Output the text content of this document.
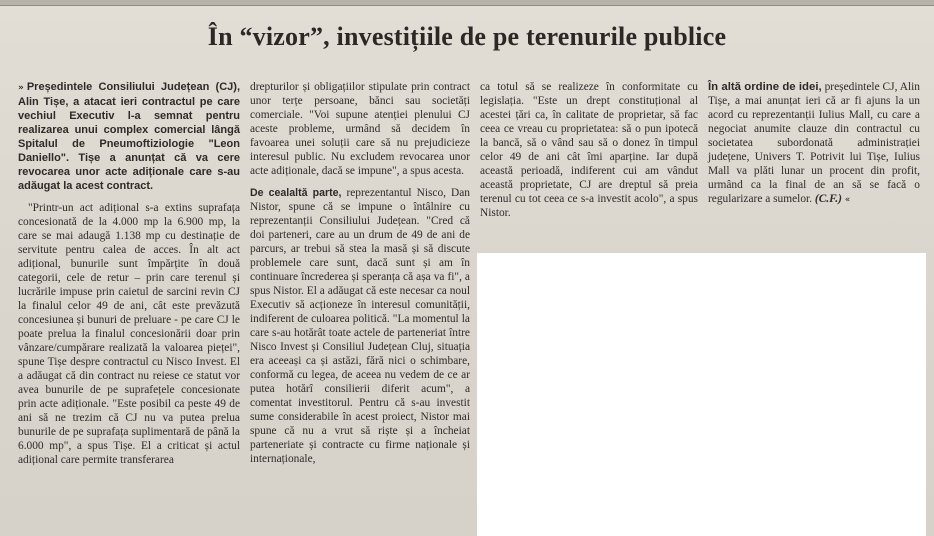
În “vizor”, investițiile de pe terenurile publice

» Președintele Consiliului Județean (CJ), Alin Tișe, a atacat ieri contractul pe care vechiul Executiv l-a semnat pentru realizarea unui complex comercial lângă Spitalul de Pneumoftiziologie "Leon Daniello". Tișe a anunțat că va cere revocarea unor acte adiționale care s-au adăugat la acest contract.

"Printr-un act adițional s-a extins suprafața concesionată de la 4.000 mp la 6.900 mp, la care se mai adaugă 1.138 mp cu destinație de servitute pentru calea de acces. În alt act adițional, bunurile sunt împărțite în două categorii, cele de retur – prin care terenul și lucrările impuse prin caietul de sarcini revin CJ la finalul celor 49 de ani, cât este prevăzută concesiunea și bunuri de preluare - pe care CJ le poate prelua la finalul concesionării doar prin vânzare/cumpărare realizată la valoarea pieței", spune Tișe despre contractul cu Nisco Invest. El a adăugat că din contract nu reiese ce statut vor avea bunurile de pe suprafețele concesionate prin acte adiționale. "Este posibil ca peste 49 de ani să ne trezim că CJ nu va putea prelua bunurile de pe suprafața suplimentară de până la 6.000 mp", a spus Tișe. El a criticat și actul adițional care permite transferarea

drepturilor și obligațiilor stipulate prin contract unor terțe persoane, bănci sau societăți comerciale. "Voi supune atenției plenului CJ aceste probleme, urmând să decidem în favoarea unei soluții care să nu prejudicieze interesul public. Nu excludem revocarea unor acte adiționale, dacă se impune", a spus acesta.

De cealaltă parte, reprezentantul Nisco, Dan Nistor, spune că se impune o întâlnire cu reprezentanții Consiliului Județean. "Cred că doi parteneri, care au un drum de 49 de ani de parcurs, ar trebui să stea la masă și să discute problemele care sunt, dacă sunt și am în continuare încrederea și speranța că așa va fi", a spus Nistor. El a adăugat că este necesar ca noul Executiv să acționeze în interesul comunității, indiferent de culoarea politică. "La momentul la care s-au hotărât toate actele de parteneriat între Nisco Invest și Consiliul Județean Cluj, situația era aceeași ca și astăzi, fără nici o schimbare, conformă cu legea, de aceea nu vedem de ce ar putea hotărî consilierii diferit acum", a comentat investitorul. Pentru că s-au investit sume considerabile în acest proiect, Nistor mai spune că nu a vrut să riște și a încheiat parteneriate și contracte cu firme naționale și internaționale,

ca totul să se realizeze în conformitate cu legislația. "Este un drept constituțional al acestei țări ca, în calitate de proprietar, să fac ceea ce vreau cu proprietatea: să o pun ipotecă la bancă, să o vând sau să o donez în timpul celor 49 de ani cât îmi aparține. Iar după această perioadă, indiferent cui am vândut această proprietate, CJ are dreptul să preia terenul cu tot ceea ce s-a investit acolo", a spus Nistor.

În altă ordine de idei, președintele CJ, Alin Tișe, a mai anunțat ieri că ar fi ajuns la un acord cu reprezentanții Iulius Mall, cu care a negociat anumite clauze din contractul cu societatea subordonată administrației județene, Univers T. Potrivit lui Tișe, Iulius Mall va plăti lunar un procent din profit, urmând ca la final de an să se facă o regularizare a sumelor. (C.F.) «
